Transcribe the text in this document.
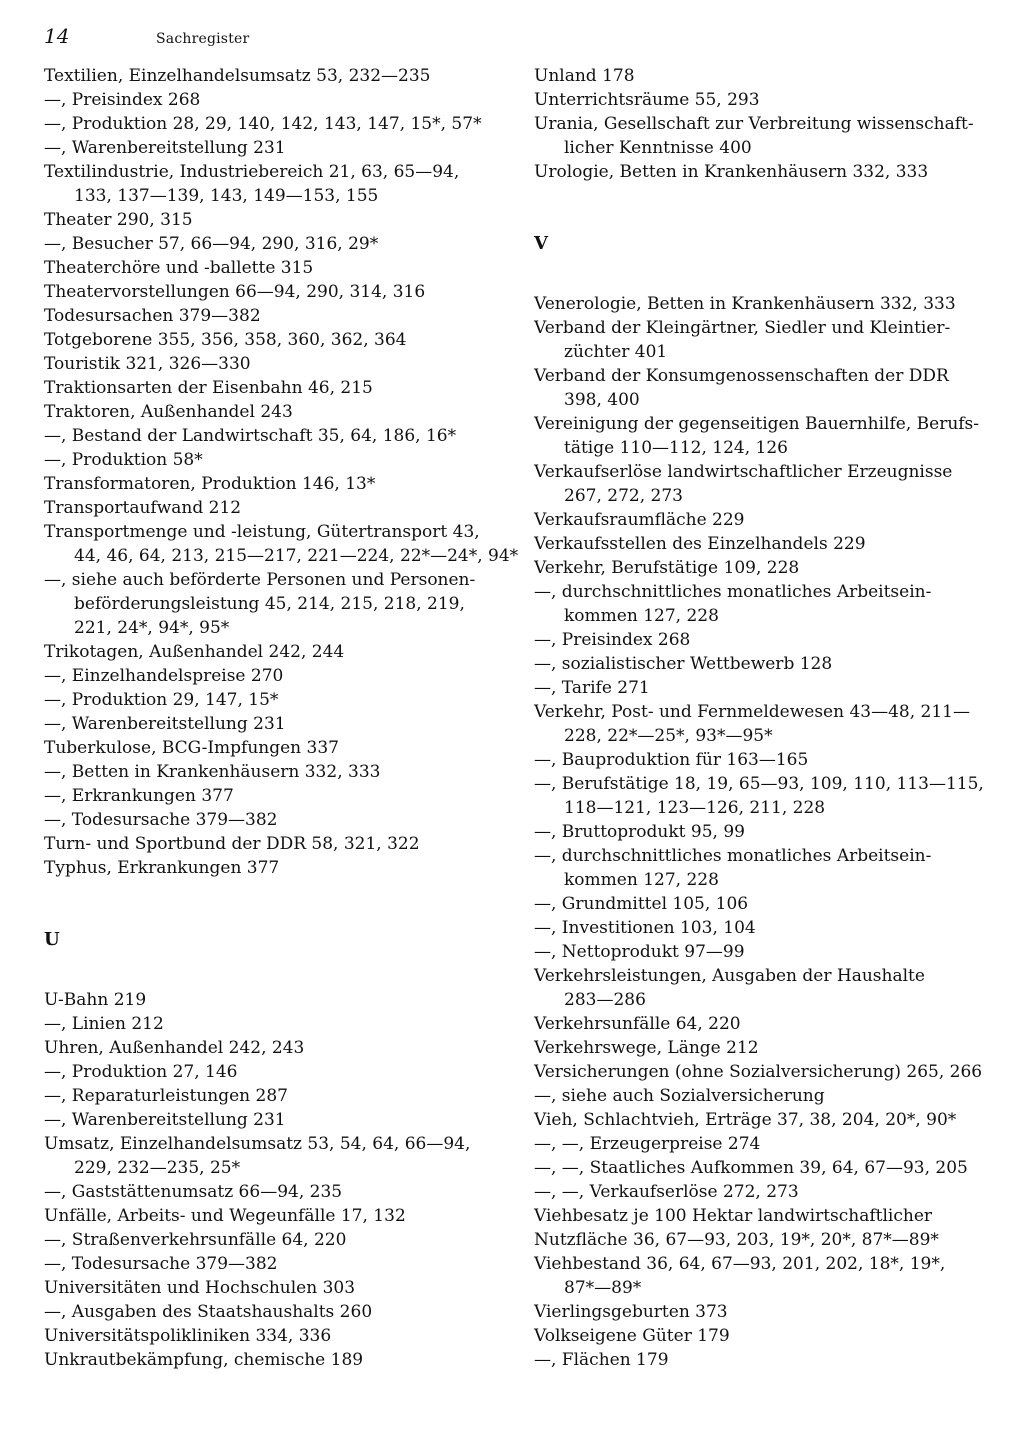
14	Sachregister
Textilien, Einzelhandelsumsatz 53, 232—235
—, Preisindex 268
—, Produktion 28, 29, 140, 142, 143, 147, 15*, 57*
—, Warenbereitstellung 231
Textilindustrie, Industriebereich 21, 63, 65—94,
133, 137—139, 143, 149—153, 155
Theater 290, 315
—, Besucher 57, 66—94, 290, 316, 29*
Theaterchöre und -ballette 315
Theatervorstellungen 66—94, 290, 314, 316
Todesursachen 379—382
Totgeborene 355, 356, 358, 360, 362, 364
Touristik 321, 326—330
Traktionsarten der Eisenbahn 46, 215
Traktoren, Außenhandel 243
—, Bestand der Landwirtschaft 35, 64, 186, 16*
—, Produktion 58*
Transformatoren, Produktion 146, 13*
Transportaufwand 212
Transportmenge und -leistung, Gütertransport 43,
44, 46, 64, 213, 215—217, 221—224, 22*—24*, 94*
—, siehe auch beförderte Personen und Personen-
beförderungsleistung 45, 214, 215, 218, 219,
221, 24*, 94*, 95*
Trikotagen, Außenhandel 242, 244
—, Einzelhandelspreise 270
—, Produktion 29, 147, 15*
—, Warenbereitstellung 231
Tuberkulose, BCG-Impfungen 337
—, Betten in Krankenhäusern 332, 333
—, Erkrankungen 377
—, Todesursache 379—382
Turn- und Sportbund der DDR 58, 321, 322
Typhus, Erkrankungen 377
U
U-Bahn 219
—, Linien 212
Uhren, Außenhandel 242, 243
—, Produktion 27, 146
—, Reparaturleistungen 287
—, Warenbereitstellung 231
Umsatz, Einzelhandelsumsatz 53, 54, 64, 66—94,
229, 232—235, 25*
—, Gaststättenumsatz 66—94, 235
Unfälle, Arbeits- und Wegeunfälle 17, 132
—, Straßenverkehrsunfälle 64, 220
—, Todesursache 379—382
Universitäten und Hochschulen 303
—, Ausgaben des Staatshaushalts 260
Universitätspolikliniken 334, 336
Unkrautbekämpfung, chemische 189
Unland 178
Unterrichtsräume 55, 293
Urania, Gesellschaft zur Verbreitung wissenschaft-
licher Kenntnisse 400
Urologie, Betten in Krankenhäusern 332, 333
V
Venerologie, Betten in Krankenhäusern 332, 333
Verband der Kleingärtner, Siedler und Kleintier-
züchter 401
Verband der Konsumgenossenschaften der DDR
398, 400
Vereinigung der gegenseitigen Bauernhilfe, Berufs-
tätige 110—112, 124, 126
Verkaufserlöse landwirtschaftlicher Erzeugnisse
267, 272, 273
Verkaufsraumfläche 229
Verkaufsstellen des Einzelhandels 229
Verkehr, Berufstätige 109, 228
—, durchschnittliches monatliches Arbeitsein-
kommen 127, 228
—, Preisindex 268
—, sozialistischer Wettbewerb 128
—, Tarife 271
Verkehr, Post- und Fernmeldewesen 43—48, 211—
228, 22*—25*, 93*—95*
—, Bauproduktion für 163—165
—, Berufstätige 18, 19, 65—93, 109, 110, 113—115,
118—121, 123—126, 211, 228
—, Bruttoprodukt 95, 99
—, durchschnittliches monatliches Arbeitsein-
kommen 127, 228
—, Grundmittel 105, 106
—, Investitionen 103, 104
—, Nettoprodukt 97—99
Verkehrsleistungen, Ausgaben der Haushalte
283—286
Verkehrsunfälle 64, 220
Verkehrswege, Länge 212
Versicherungen (ohne Sozialversicherung) 265, 266
—, siehe auch Sozialversicherung
Vieh, Schlachtvieh, Erträge 37, 38, 204, 20*, 90*
—, —, Erzeugerpreise 274
—, —, Staatliches Aufkommen 39, 64, 67—93, 205
—, —, Verkaufserlöse 272, 273
Viehbesatz je 100 Hektar landwirtschaftlicher
Nutzfläche 36, 67—93, 203, 19*, 20*, 87*—89*
Viehbestand 36, 64, 67—93, 201, 202, 18*, 19*,
87*—89*
Vierlingsgeburten 373
Volkseigene Güter 179
—, Flächen 179
